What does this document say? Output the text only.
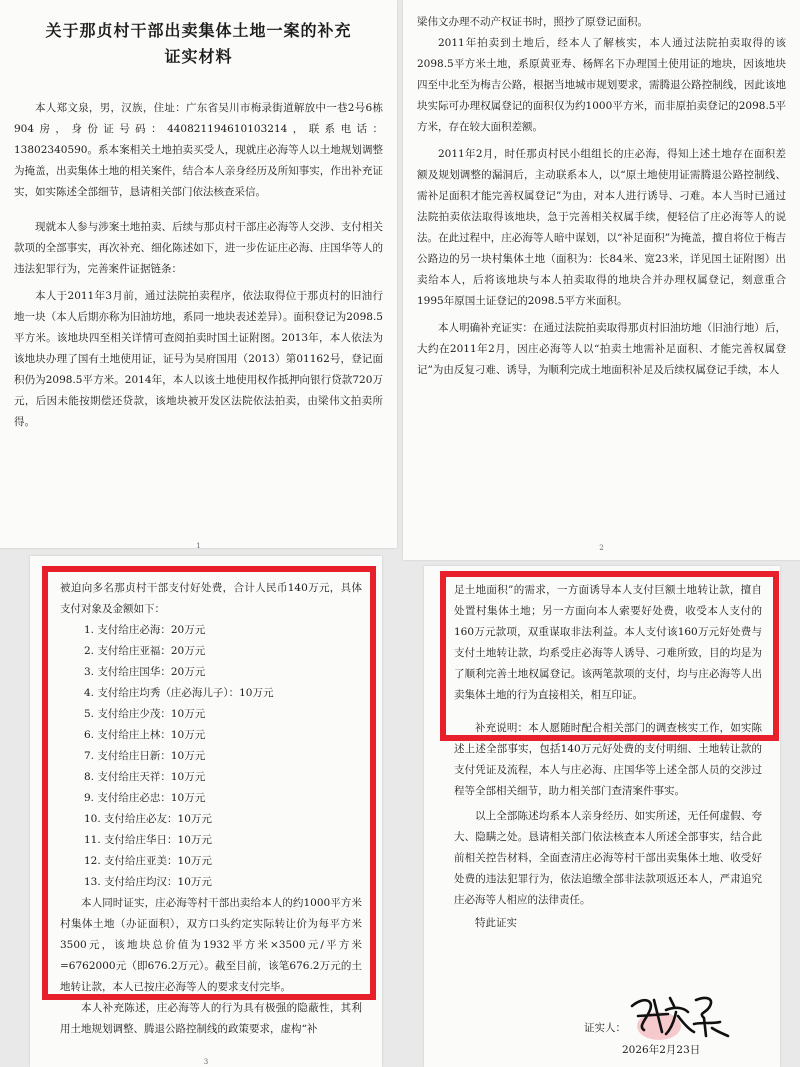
关于那贞村干部出卖集体土地一案的补充
证实材料

本人郑文泉，男，汉族，住址：广东省吴川市梅录街道解放中一巷2号6栋904房，身份证号码：440821194610103214，联系电话：13802340590。系本案相关土地拍卖买受人，现就庄必海等人以土地规划调整为掩盖，出卖集体土地的相关案件，结合本人亲身经历及所知事实，作出补充证实，如实陈述全部细节，恳请相关部门依法核查采信。

现就本人参与涉案土地拍卖、后续与那贞村干部庄必海等人交涉、支付相关款项的全部事实，再次补充、细化陈述如下，进一步佐证庄必海、庄国华等人的违法犯罪行为，完善案件证据链条：

本人于2011年3月前，通过法院拍卖程序，依法取得位于那贞村的旧油行地一块（本人后期亦称为旧油坊地，系同一地块表述差异）。面积登记为2098.5平方米。该地块四至相关详情可查阅拍卖时国土证附图。2013年，本人依法为该地块办理了国有土地使用证，证号为吴府国用（2013）第01162号，登记面积仍为2098.5平方米。2014年，本人以该土地使用权作抵押向银行贷款720万元，后因未能按期偿还贷款，该地块被开发区法院依法拍卖，由梁伟文拍卖所得。

1

梁伟文办理不动产权证书时，照抄了原登记面积。

2011年拍卖到土地后，经本人了解核实，本人通过法院拍卖取得的该2098.5平方米土地，系原黄亚寿、杨辉名下办理国土使用证的地块，因该地块四至中北至为梅吉公路，根据当地城市规划要求，需腾退公路控制线，因此该地块实际可办理权属登记的面积仅为约1000平方米，而非原拍卖登记的2098.5平方米，存在较大面积差额。

2011年2月，时任那贞村民小组组长的庄必海，得知上述土地存在面积差额及规划调整的漏洞后，主动联系本人，以“原土地使用证需腾退公路控制线、需补足面积才能完善权属登记”为由，对本人进行诱导、刁难。本人当时已通过法院拍卖依法取得该地块，急于完善相关权属手续，便轻信了庄必海等人的说法。在此过程中，庄必海等人暗中谋划，以“补足面积”为掩盖，擅自将位于梅吉公路边的另一块村集体土地（面积为：长84米、宽23米，详见国土证附图）出卖给本人，后将该地块与本人拍卖取得的地块合并办理权属登记，刻意重合1995年原国土证登记的2098.5平方米面积。

本人明确补充证实：在通过法院拍卖取得那贞村旧油坊地（旧油行地）后，大约在2011年2月，因庄必海等人以“拍卖土地需补足面积、才能完善权属登记”为由反复刁难、诱导，为顺利完成土地面积补足及后续权属登记手续，本人

2

被迫向多名那贞村干部支付好处费，合计人民币140万元，具体支付对象及金额如下：

1. 支付给庄必海：20万元

2. 支付给庄亚福：20万元

3. 支付给庄国华：20万元

4. 支付给庄均秀（庄必海儿子）：10万元

5. 支付给庄少茂：10万元

6. 支付给庄上林：10万元

7. 支付给庄日新：10万元

8. 支付给庄天祥：10万元

9. 支付给庄必忠：10万元

10. 支付给庄必友：10万元

11. 支付给庄华日：10万元

12. 支付给庄亚美：10万元

13. 支付给庄均汉：10万元

本人同时证实，庄必海等村干部出卖给本人的约1000平方米村集体土地（办证面积），双方口头约定实际转让价为每平方米3500元，该地块总价值为1932平方米×3500元/平方米=6762000元（即676.2万元）。截至目前，该笔676.2万元的土地转让款，本人已按庄必海等人的要求支付完毕。

本人补充陈述，庄必海等人的行为具有极强的隐蔽性，其利用土地规划调整、腾退公路控制线的政策要求，虚构“补

3

足土地面积”的需求，一方面诱导本人支付巨额土地转让款，擅自处置村集体土地；另一方面向本人索要好处费，收受本人支付的160万元款项，双重谋取非法利益。本人支付该160万元好处费与支付土地转让款，均系受庄必海等人诱导、刁难所致，目的均是为了顺利完善土地权属登记。该两笔款项的支付，均与庄必海等人出卖集体土地的行为直接相关，相互印证。

补充说明：本人愿随时配合相关部门的调查核实工作，如实陈述上述全部事实，包括140万元好处费的支付明细、土地转让款的支付凭证及流程，本人与庄必海、庄国华等上述全部人员的交涉过程等全部相关细节，助力相关部门查清案件事实。

以上全部陈述均系本人亲身经历、如实所述，无任何虚假、夸大、隐瞒之处。恳请相关部门依法核查本人所述全部事实，结合此前相关控告材料，全面查清庄必海等村干部出卖集体土地、收受好处费的违法犯罪行为，依法追缴全部非法款项返还本人，严肃追究庄必海等人相应的法律责任。

特此证实

证实人：
2026年2月23日
